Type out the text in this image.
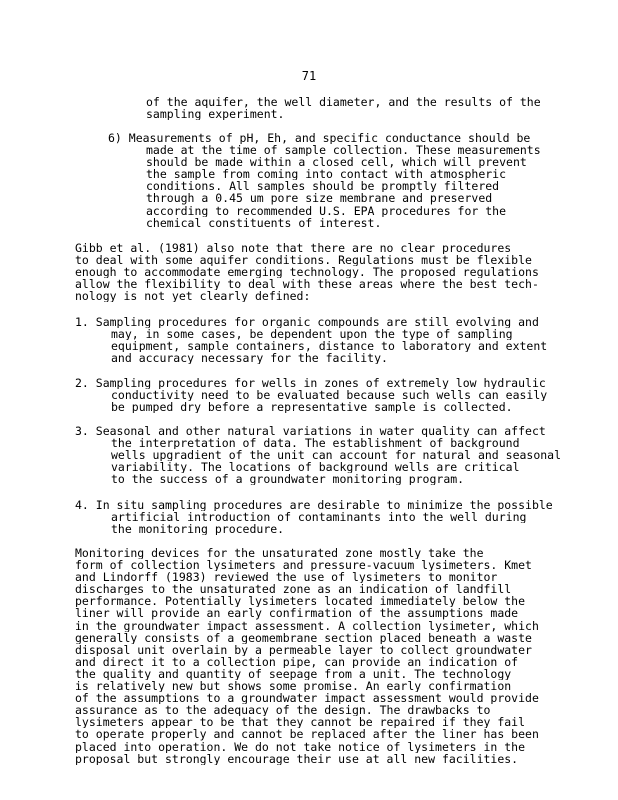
71
of the aquifer, the well diameter, and the results of the
sampling experiment.
6) Measurements of pH, Eh, and specific conductance should be
made at the time of sample collection. These measurements
should be made within a closed cell, which will prevent
the sample from coming into contact with atmospheric
conditions. All samples should be promptly filtered
through a 0.45 um pore size membrane and preserved
according to recommended U.S. EPA procedures for the
chemical constituents of interest.
Gibb et al. (1981) also note that there are no clear procedures
to deal with some aquifer conditions. Regulations must be flexible
enough to accommodate emerging technology. The proposed regulations
allow the flexibility to deal with these areas where the best tech-
nology is not yet clearly defined:
1. Sampling procedures for organic compounds are still evolving and
may, in some cases, be dependent upon the type of sampling
equipment, sample containers, distance to laboratory and extent
and accuracy necessary for the facility.
2. Sampling procedures for wells in zones of extremely low hydraulic
conductivity need to be evaluated because such wells can easily
be pumped dry before a representative sample is collected.
3. Seasonal and other natural variations in water quality can affect
the interpretation of data. The establishment of background
wells upgradient of the unit can account for natural and seasonal
variability. The locations of background wells are critical
to the success of a groundwater monitoring program.
4. In situ sampling procedures are desirable to minimize the possible
artificial introduction of contaminants into the well during
the monitoring procedure.
Monitoring devices for the unsaturated zone mostly take the
form of collection lysimeters and pressure-vacuum lysimeters. Kmet
and Lindorff (1983) reviewed the use of lysimeters to monitor
discharges to the unsaturated zone as an indication of landfill
performance. Potentially lysimeters located immediately below the
liner will provide an early confirmation of the assumptions made
in the groundwater impact assessment. A collection lysimeter, which
generally consists of a geomembrane section placed beneath a waste
disposal unit overlain by a permeable layer to collect groundwater
and direct it to a collection pipe, can provide an indication of
the quality and quantity of seepage from a unit. The technology
is relatively new but shows some promise. An early confirmation
of the assumptions to a groundwater impact assessment would provide
assurance as to the adequacy of the design. The drawbacks to
lysimeters appear to be that they cannot be repaired if they fail
to operate properly and cannot be replaced after the liner has been
placed into operation. We do not take notice of lysimeters in the
proposal but strongly encourage their use at all new facilities.
